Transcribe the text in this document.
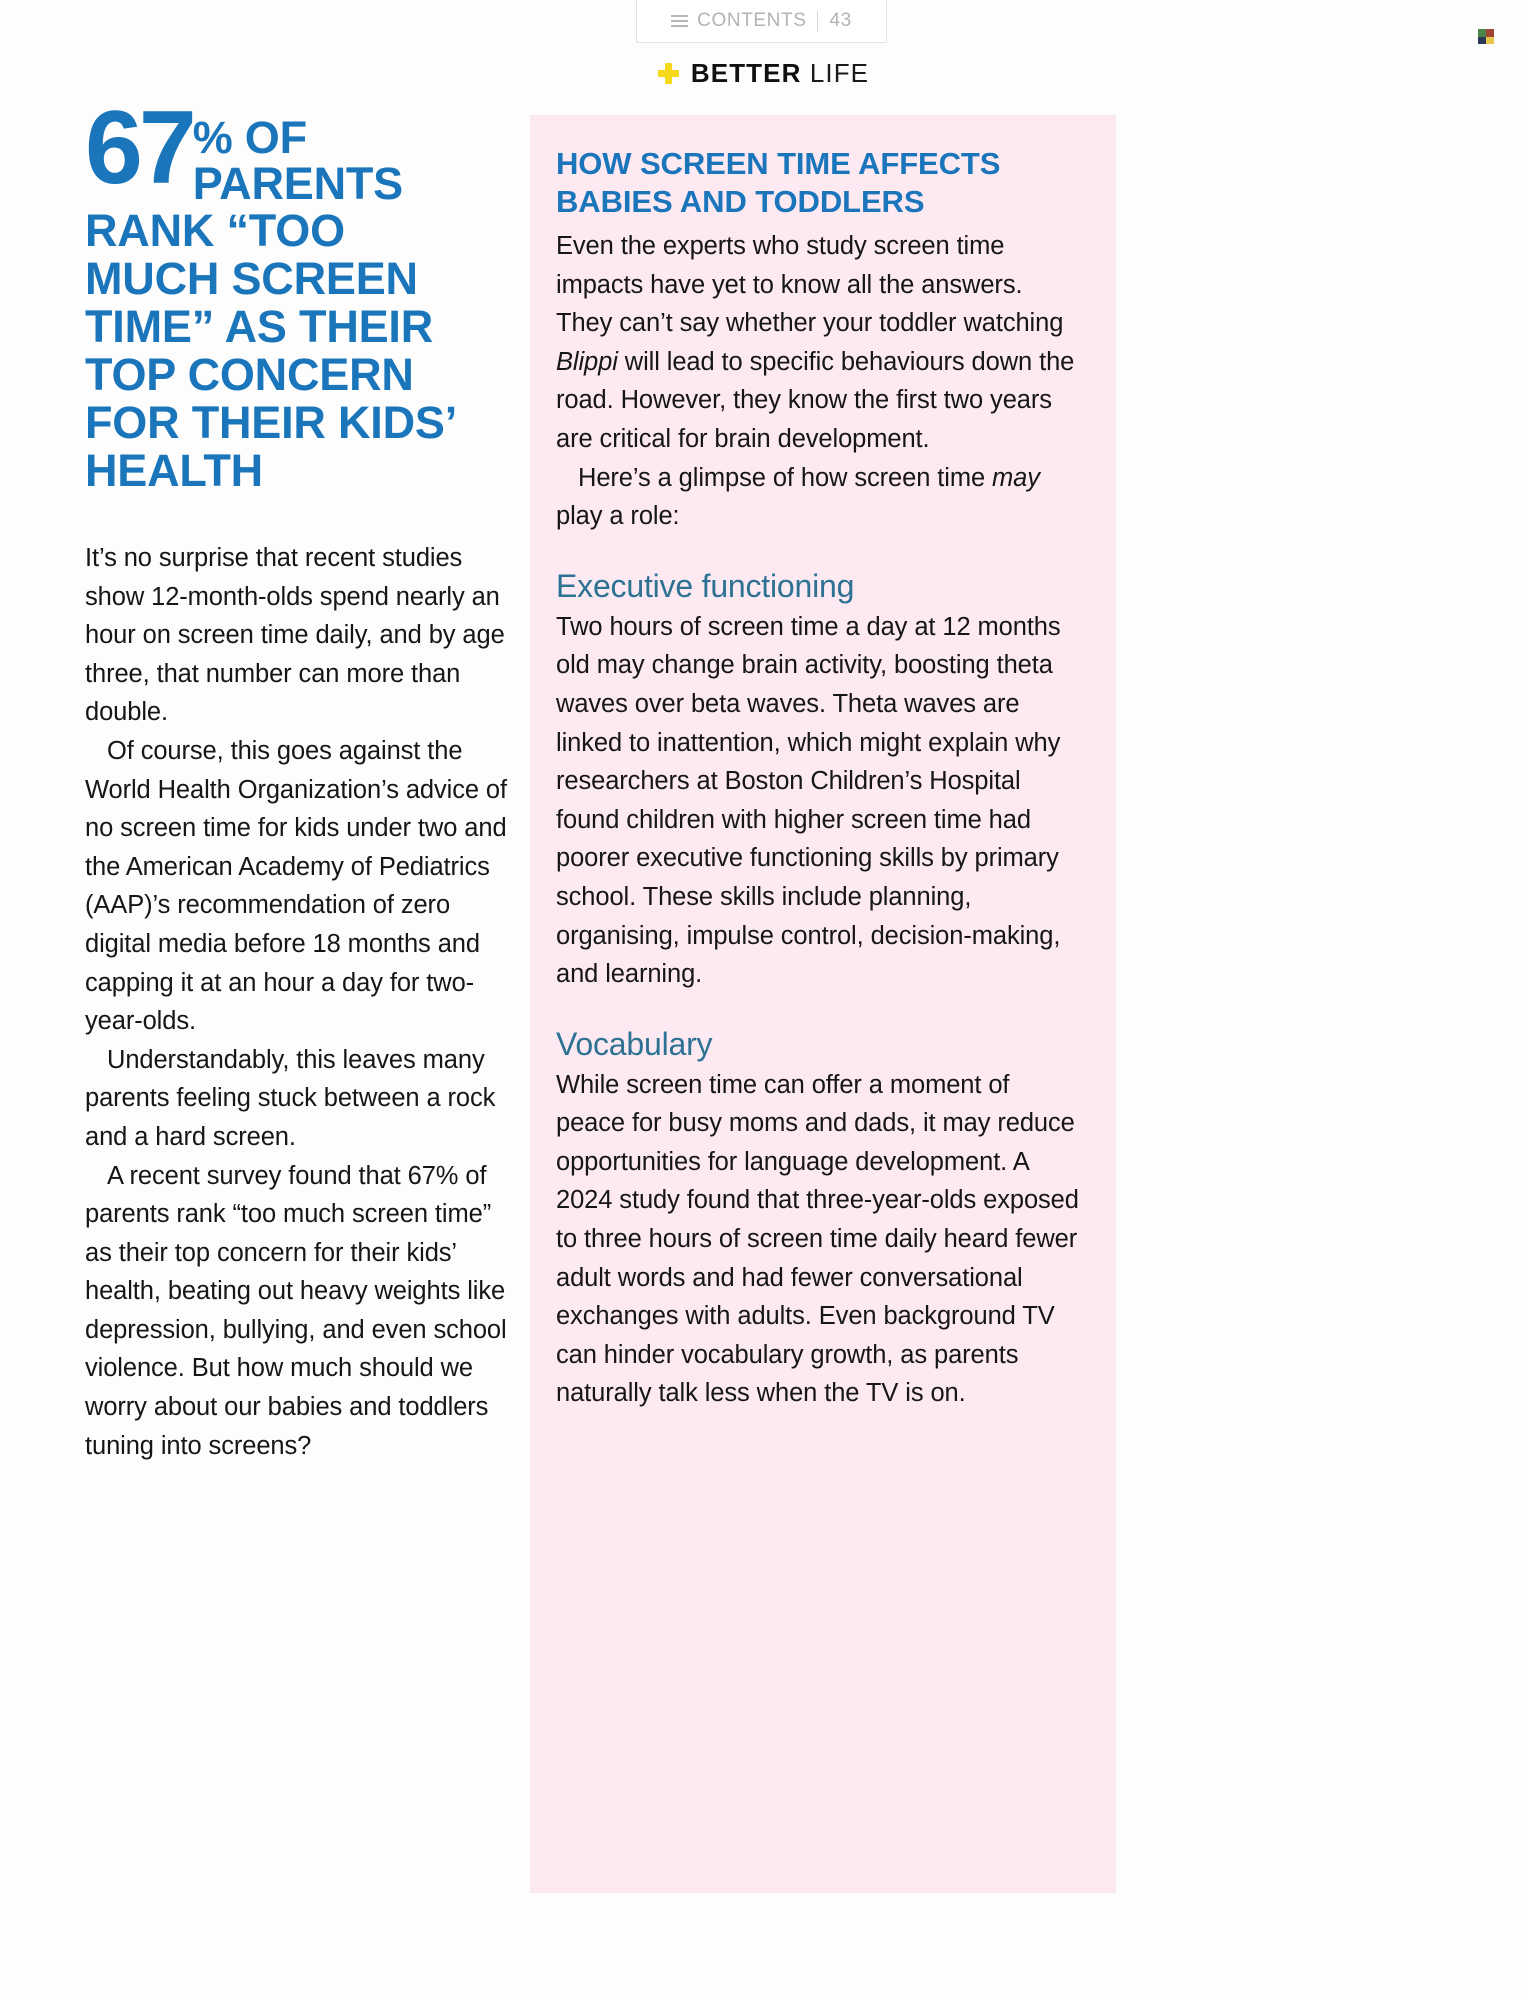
CONTENTS 43
BETTER LIFE
67 % OF
PARENTS
RANK “TOO
MUCH SCREEN
TIME” AS THEIR
TOP CONCERN
FOR THEIR KIDS’
HEALTH

It’s no surprise that recent studies show 12-month-olds spend nearly an hour on screen time daily, and by age three, that number can more than double.

Of course, this goes against the World Health Organization’s advice of no screen time for kids under two and the American Academy of Pediatrics (AAP)’s recommendation of zero digital media before 18 months and capping it at an hour a day for two-year-olds.

Understandably, this leaves many parents feeling stuck between a rock and a hard screen.

A recent survey found that 67% of parents rank “too much screen time” as their top concern for their kids’ health, beating out heavy weights like depression, bullying, and even school violence. But how much should we worry about our babies and toddlers tuning into screens?

HOW SCREEN TIME AFFECTS BABIES AND TODDLERS

Even the experts who study screen time impacts have yet to know all the answers. They can’t say whether your toddler watching Blippi will lead to specific behaviours down the road. However, they know the first two years are critical for brain development.

Here’s a glimpse of how screen time may play a role:

Executive functioning

Two hours of screen time a day at 12 months old may change brain activity, boosting theta waves over beta waves. Theta waves are linked to inattention, which might explain why researchers at Boston Children’s Hospital found children with higher screen time had poorer executive functioning skills by primary school. These skills include planning, organising, impulse control, decision-making, and learning.

Vocabulary

While screen time can offer a moment of peace for busy moms and dads, it may reduce opportunities for language development. A 2024 study found that three-year-olds exposed to three hours of screen time daily heard fewer adult words and had fewer conversational exchanges with adults. Even background TV can hinder vocabulary growth, as parents naturally talk less when the TV is on.
